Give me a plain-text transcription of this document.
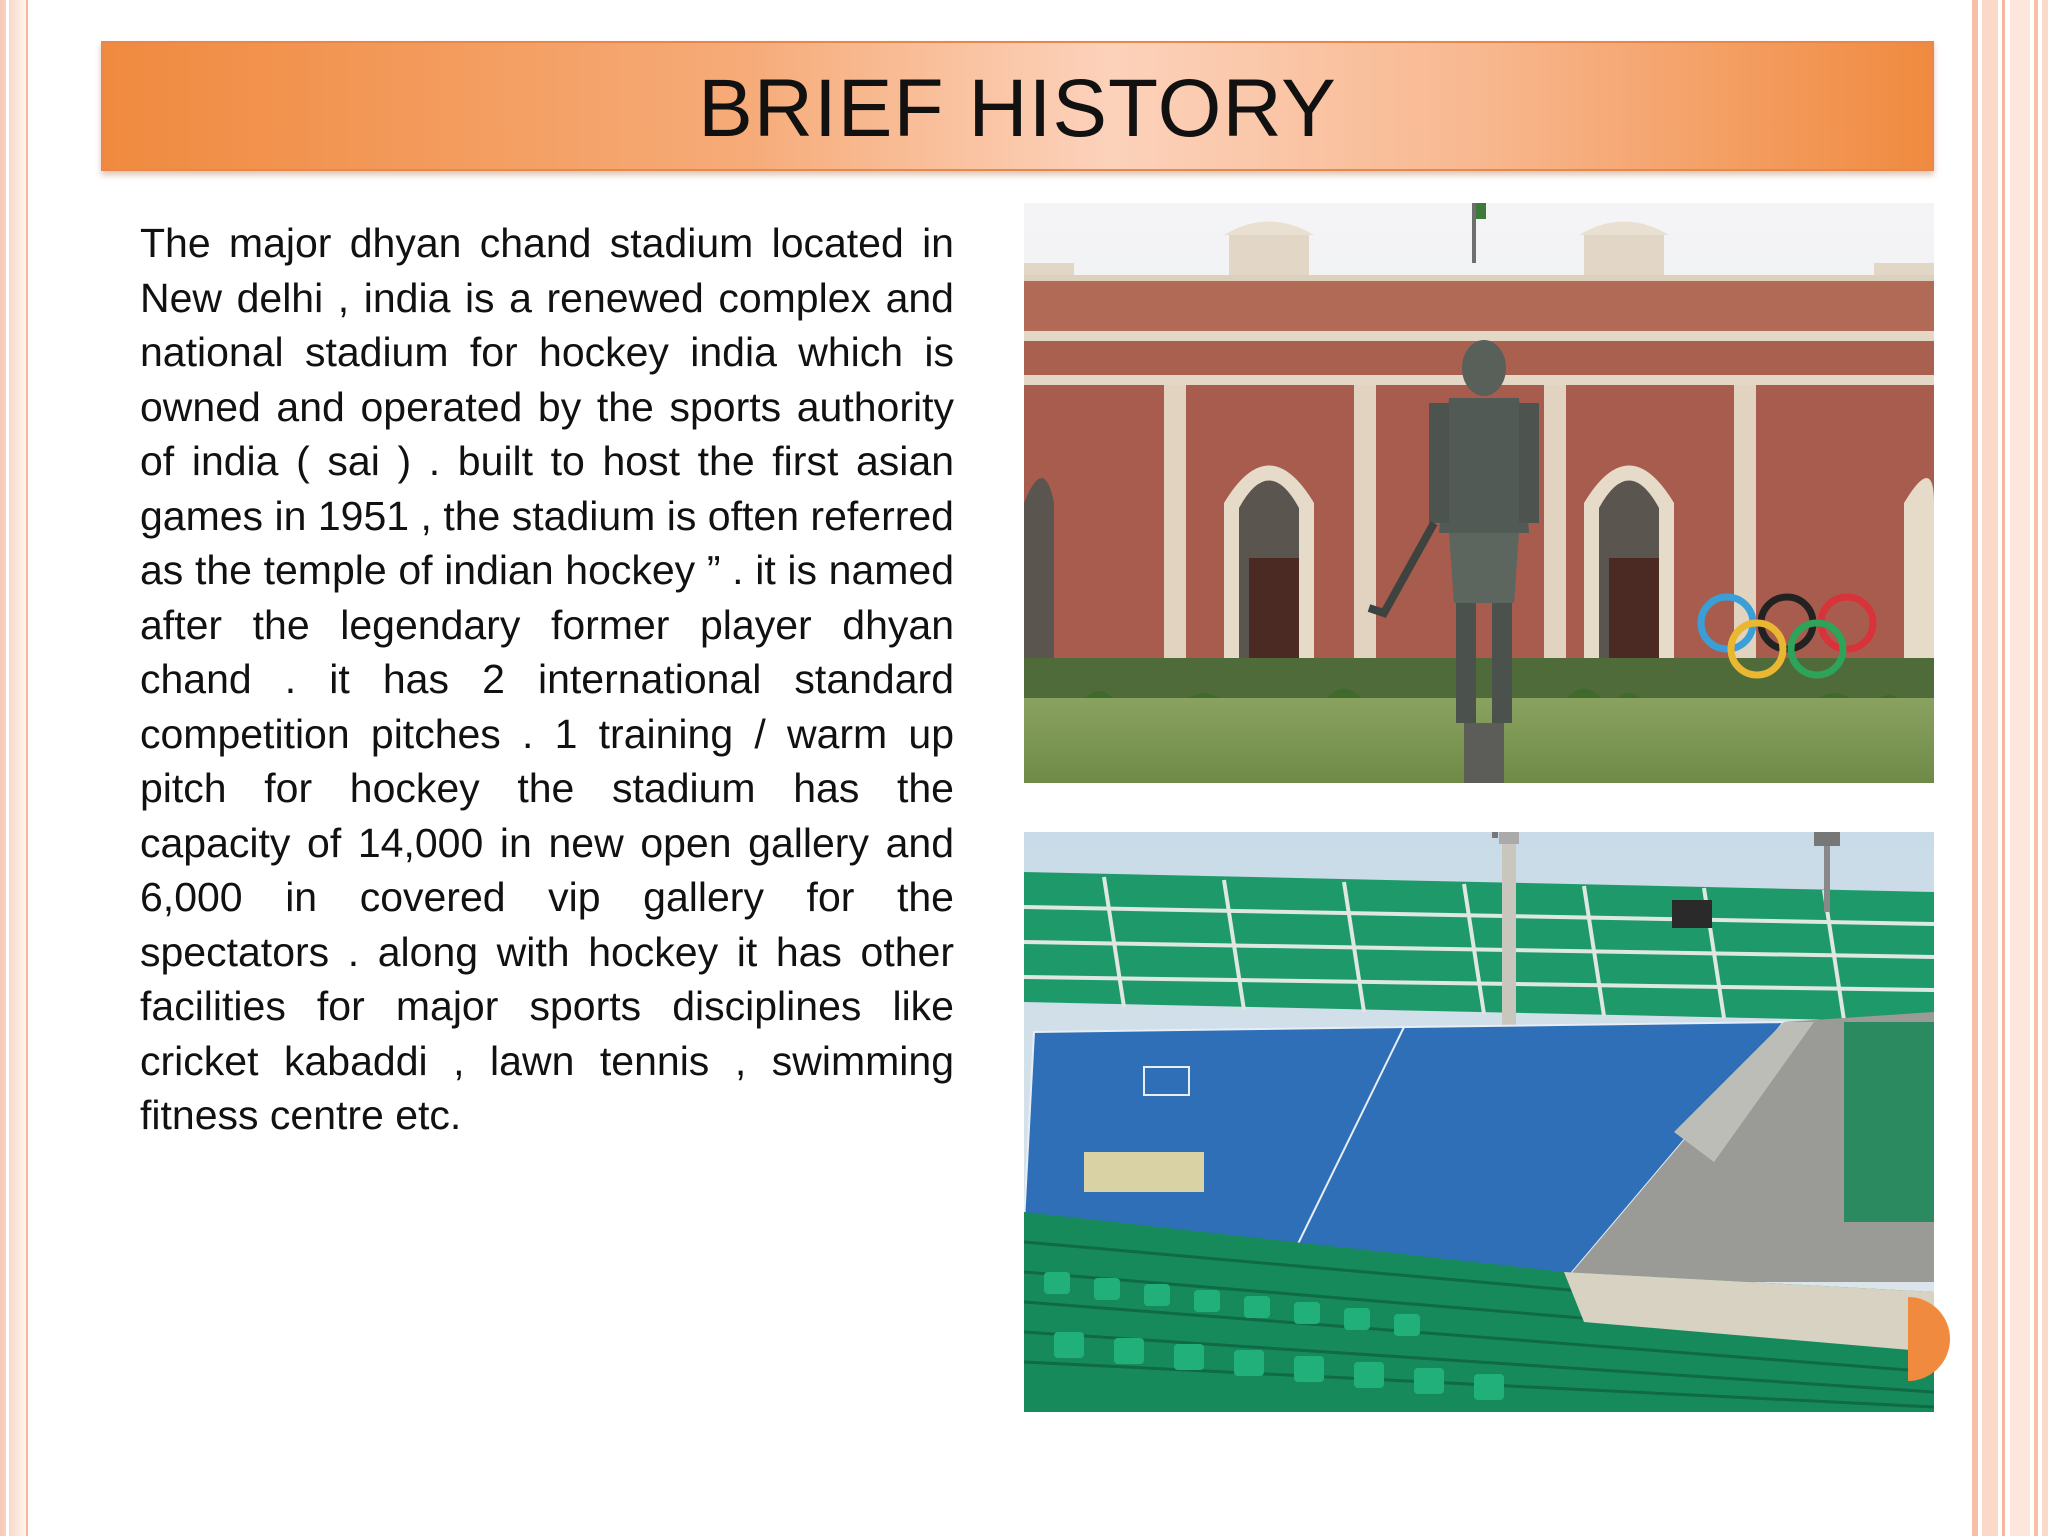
BRIEF HISTORY

The major dhyan chand stadium located in New delhi , india is a renewed complex and national stadium for hockey india which is owned and operated by the sports authority of india ( sai ) . built to host the first asian games in 1951 , the stadium is often referred as the temple of indian hockey ” . it is named after the legendary former player dhyan chand . it has 2 international standard competition pitches . 1 training / warm up pitch for hockey the stadium has the capacity of 14,000 in new open gallery and 6,000 in covered vip gallery for the spectators . along with hockey it has other facilities for major sports disciplines like cricket kabaddi , lawn tennis , swimming fitness centre etc.
